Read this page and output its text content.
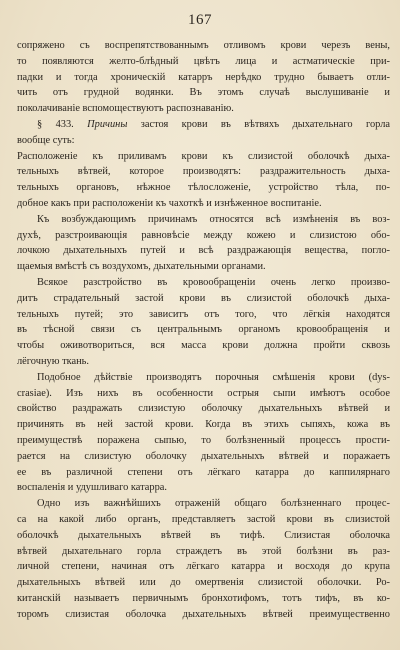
167
сопряжено съ воспрепятствованнымъ отливомъ крови черезъ вены,
то появляются желто-блѣдный цвѣтъ лица и астматическіе при-
падки и тогда хроническій катарръ нерѣдко трудно бываетъ отли-
чить отъ грудной водянки. Въ этомъ случаѣ выслушиваніе и
поколачиваніе вспомоществуютъ распознаванію.
§ 433. Причины застоя крови въ вѣтвяхъ дыхательнаго горла
вообще суть:
Расположеніе къ приливамъ крови къ слизистой оболочкѣ дыха-
тельныхъ вѣтвей, которое производятъ: раздражительность дыха-
тельныхъ органовъ, нѣжное тѣлосложеніе, устройство тѣла, по-
добное какъ при расположеніи къ чахоткѣ и изнѣженное воспитаніе.
Къ возбуждающимъ причинамъ относятся всѣ измѣненія въ воз-
духѣ, разстроивающія равновѣсіе между кожею и слизистою обо-
лочкою дыхательныхъ путей и всѣ раздражающія вещества, погло-
щаемыя вмѣстѣ съ воздухомъ, дыхательными органами.
Всякое разстройство въ кровообращеніи очень легко произво-
дитъ страдательный застой крови въ слизистой оболочкѣ дыха-
тельныхъ путей; это зависитъ отъ того, что лёгкія находятся
въ тѣсной связи съ центральнымъ органомъ кровообращенія и
чтобы оживотвориться, вся масса крови должна пройти сквозь
лёгочную ткань.
Подобное дѣйствіе производятъ порочныя смѣшенія крови (dys-
crasiae). Изъ нихъ въ особенности острыя сыпи имѣютъ особое
свойство раздражать слизистую оболочку дыхательныхъ вѣтвей и
причинять въ ней застой крови. Когда въ этихъ сыпяхъ, кожа въ
преимуществѣ поражена сыпью, то болѣзненный процессъ прости-
рается на слизистую оболочку дыхательныхъ вѣтвей и поражаетъ
ее въ различной степени отъ лёгкаго катарра до каппилярнаго
воспаленія и удушливаго катарра.
Одно изъ важнѣйшихъ отраженій общаго болѣзненнаго процес-
са на какой либо органъ, представляетъ застой крови въ слизистой
оболочкѣ дыхательныхъ вѣтвей въ тифѣ. Слизистая оболочка
вѣтвей дыхательнаго горла страждетъ въ этой болѣзни въ раз-
личной степени, начиная отъ лёгкаго катарра и восходя до крупа
дыхательныхъ вѣтвей или до омертвенія слизистой оболочки. Ро-
китанскій называетъ первичнымъ бронхотифомъ, тотъ тифъ, въ ко-
торомъ слизистая оболочка дыхательныхъ вѣтвей преимущественно
